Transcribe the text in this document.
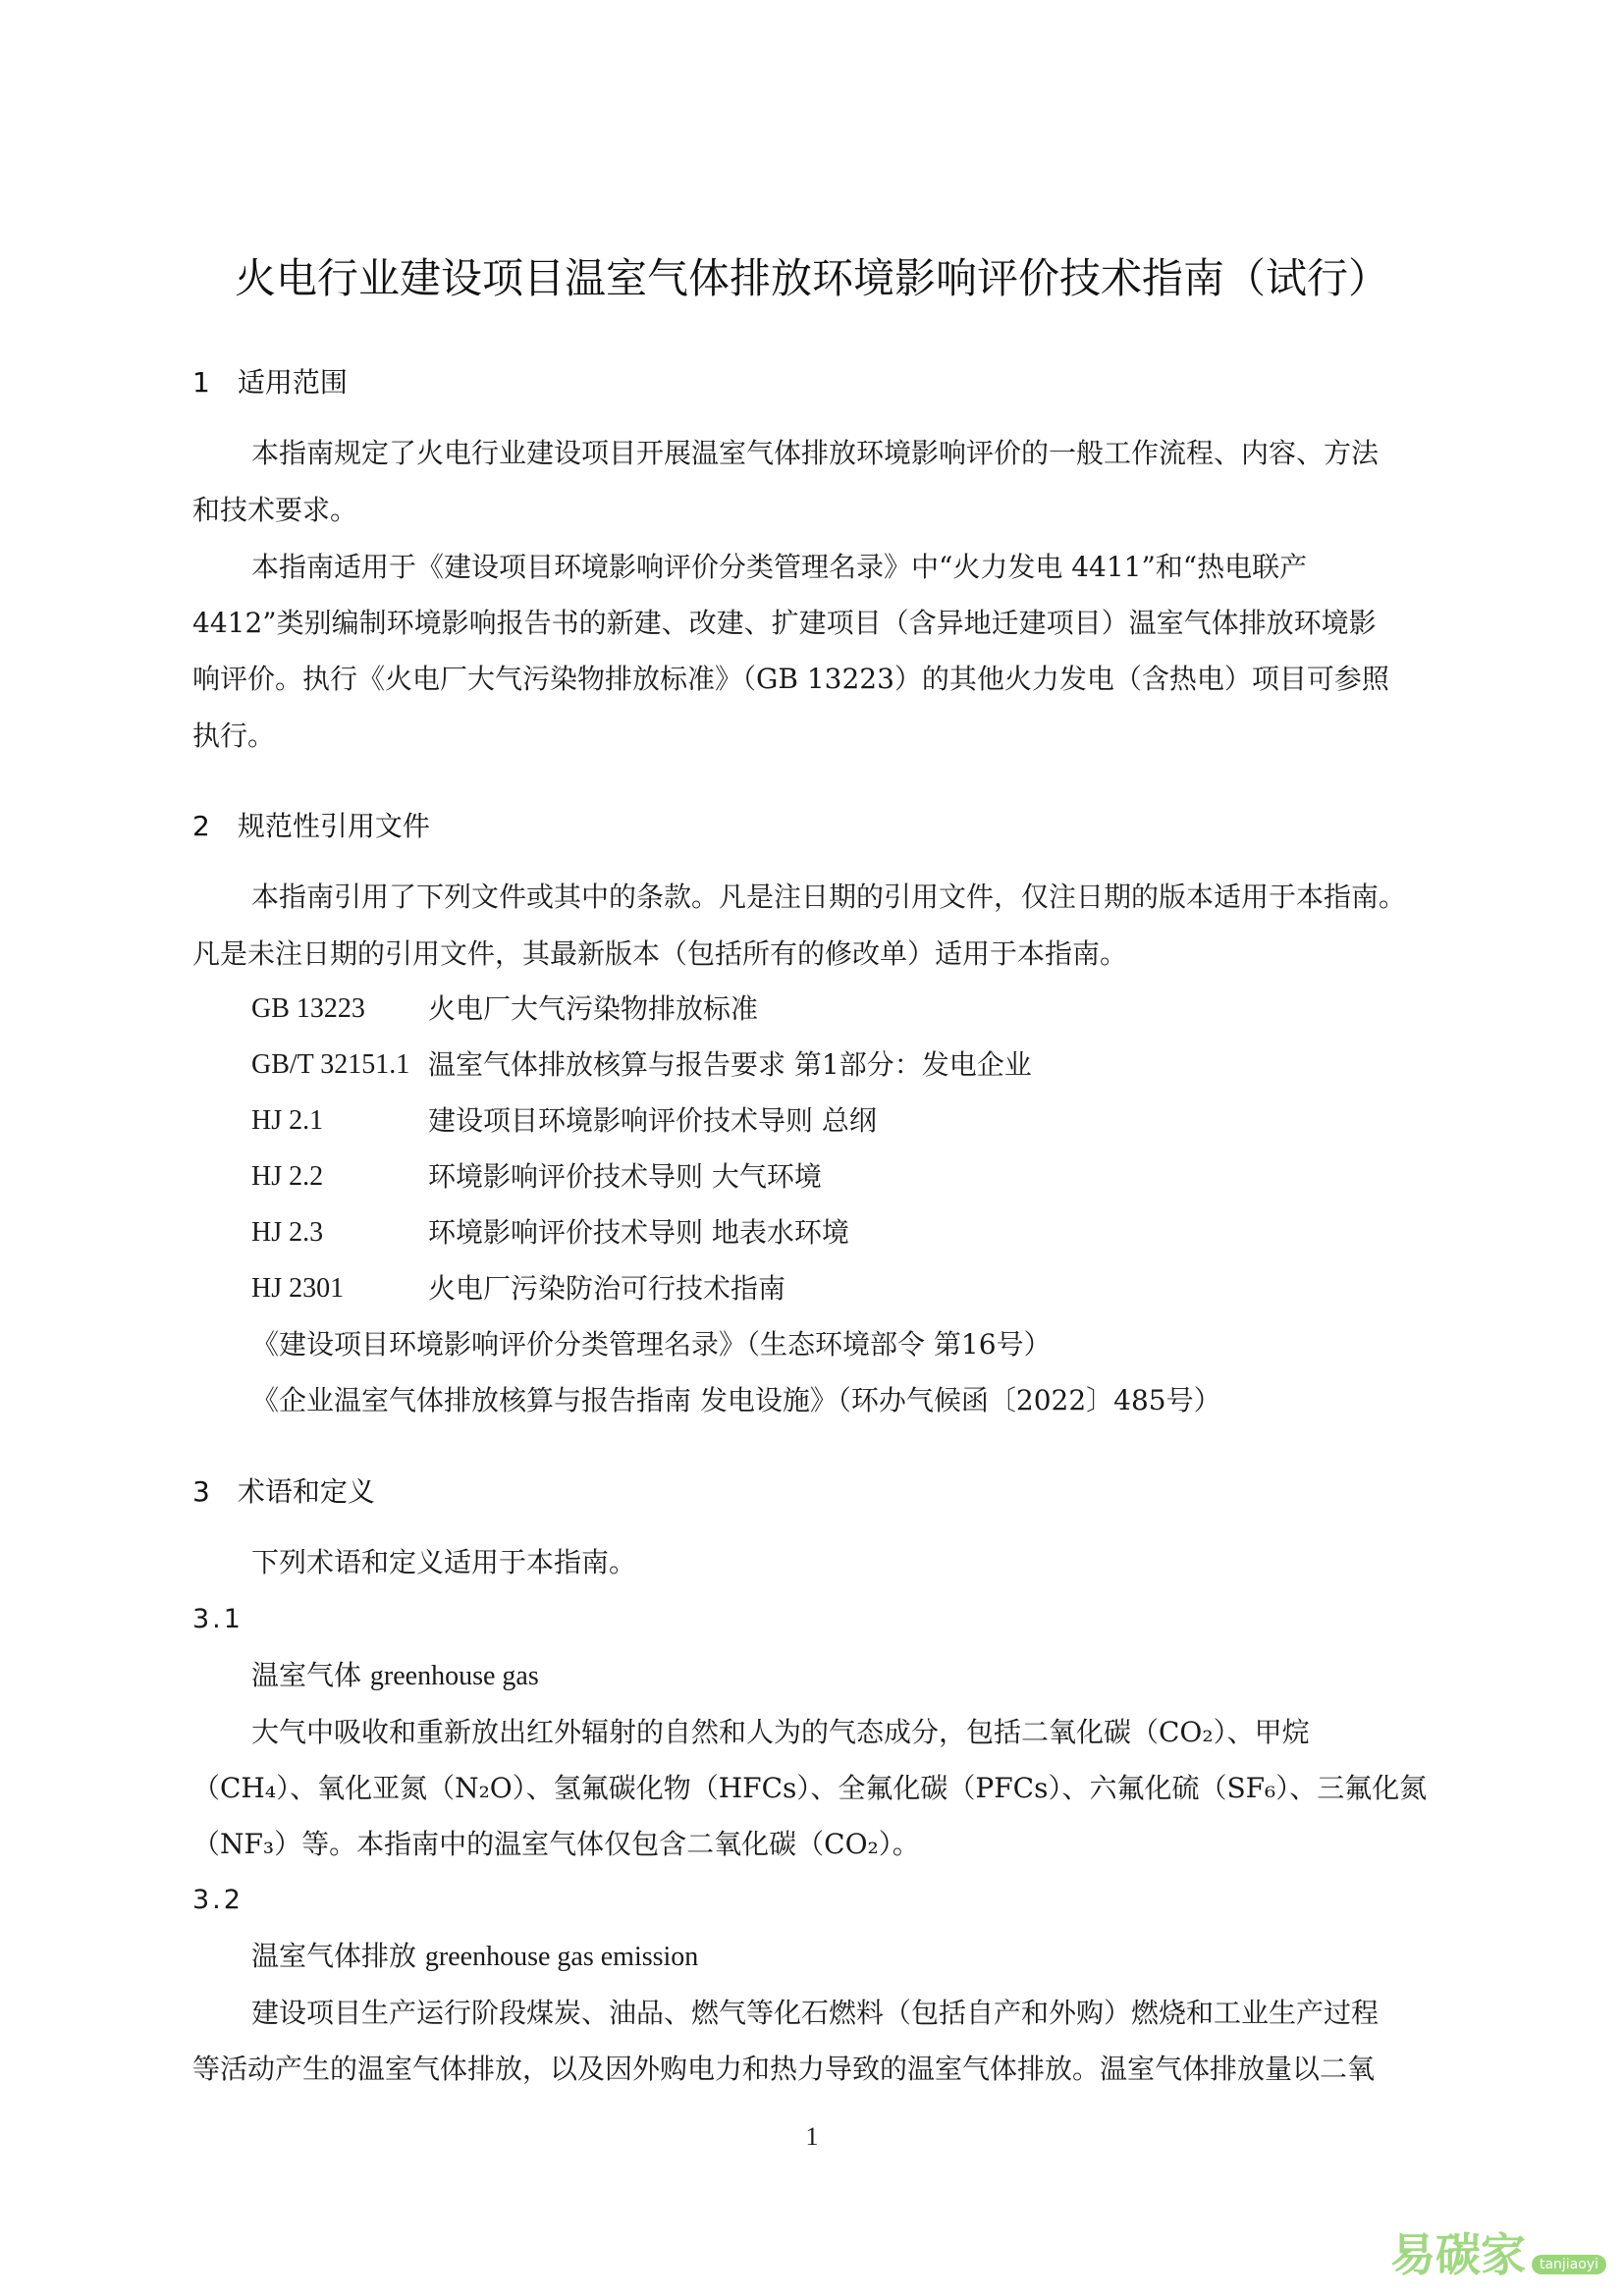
火电行业建设项目温室气体排放环境影响评价技术指南（试行）
1　适用范围
本指南规定了火电行业建设项目开展温室气体排放环境影响评价的一般工作流程、内容、方法
和技术要求。
本指南适用于《建设项目环境影响评价分类管理名录》中“火力发电 4411”和“热电联产
4412”类别编制环境影响报告书的新建、改建、扩建项目（含异地迁建项目）温室气体排放环境影
响评价。执行《火电厂大气污染物排放标准》（GB 13223）的其他火力发电（含热电）项目可参照
执行。
2　规范性引用文件
本指南引用了下列文件或其中的条款。凡是注日期的引用文件，仅注日期的版本适用于本指南。
凡是未注日期的引用文件，其最新版本（包括所有的修改单）适用于本指南。
GB 13223 火电厂大气污染物排放标准
GB/T 32151.1 温室气体排放核算与报告要求 第1部分：发电企业
HJ 2.1	建设项目环境影响评价技术导则 总纲
HJ 2.2	环境影响评价技术导则 大气环境
HJ 2.3	环境影响评价技术导则 地表水环境
HJ 2301	火电厂污染防治可行技术指南
《建设项目环境影响评价分类管理名录》（生态环境部令 第16号）
《企业温室气体排放核算与报告指南 发电设施》（环办气候函〔2022〕485号）
3　术语和定义
下列术语和定义适用于本指南。
3.1
温室气体 greenhouse gas
大气中吸收和重新放出红外辐射的自然和人为的气态成分，包括二氧化碳（CO₂）、甲烷
（CH₄）、氧化亚氮（N₂O）、氢氟碳化物（HFCs）、全氟化碳（PFCs）、六氟化硫（SF₆）、三氟化氮
（NF₃）等。本指南中的温室气体仅包含二氧化碳（CO₂）。
3.2
温室气体排放 greenhouse gas emission
建设项目生产运行阶段煤炭、油品、燃气等化石燃料（包括自产和外购）燃烧和工业生产过程
等活动产生的温室气体排放，以及因外购电力和热力导致的温室气体排放。温室气体排放量以二氧
1
易碳家	tanjiaoyi
